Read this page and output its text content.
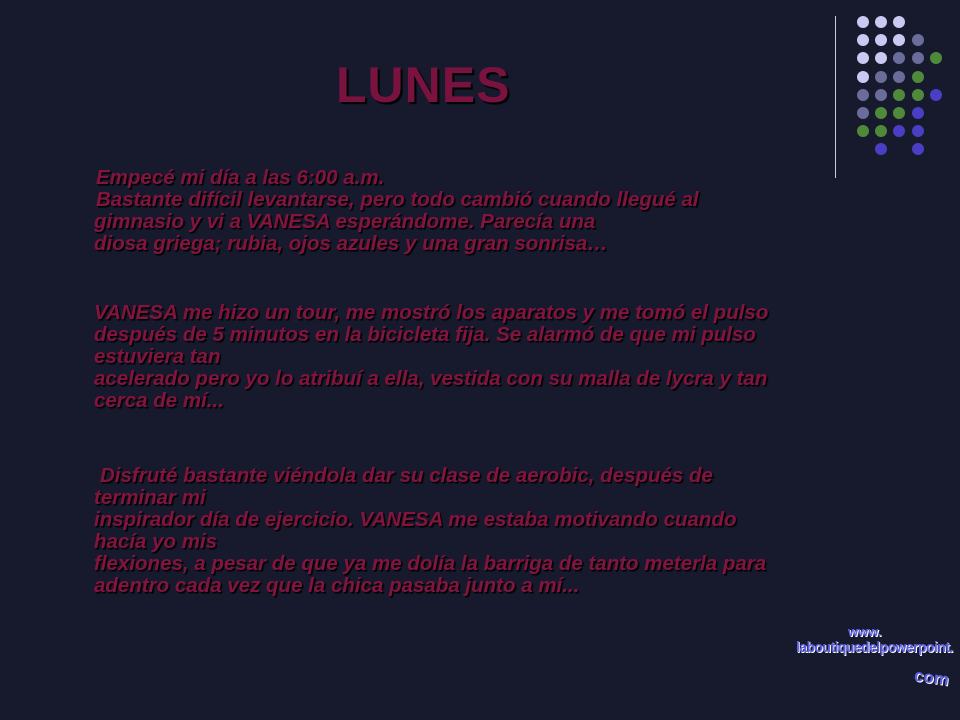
LUNES

Empecé mi día a las 6:00 a.m.

Bastante difícil levantarse, pero todo cambió cuando llegué al
gimnasio y vi a VANESA esperándome. Parecía una
diosa griega; rubia, ojos azules y una gran sonrisa…

VANESA me hizo un tour, me mostró los aparatos y me tomó el pulso
después de 5 minutos en la bicicleta fija. Se alarmó de que mi pulso
estuviera tan
acelerado pero yo lo atribuí a ella, vestida con su malla de lycra y tan
cerca de mí...

Disfruté bastante viéndola dar su clase de aerobic, después de
terminar mi
inspirador día de ejercicio. VANESA me estaba motivando cuando
hacía yo mis
flexiones, a pesar de que ya me dolía la barriga de tanto meterla para
adentro cada vez que la chica pasaba junto a mí...

www.
laboutiquedelpowerpoint.
com
